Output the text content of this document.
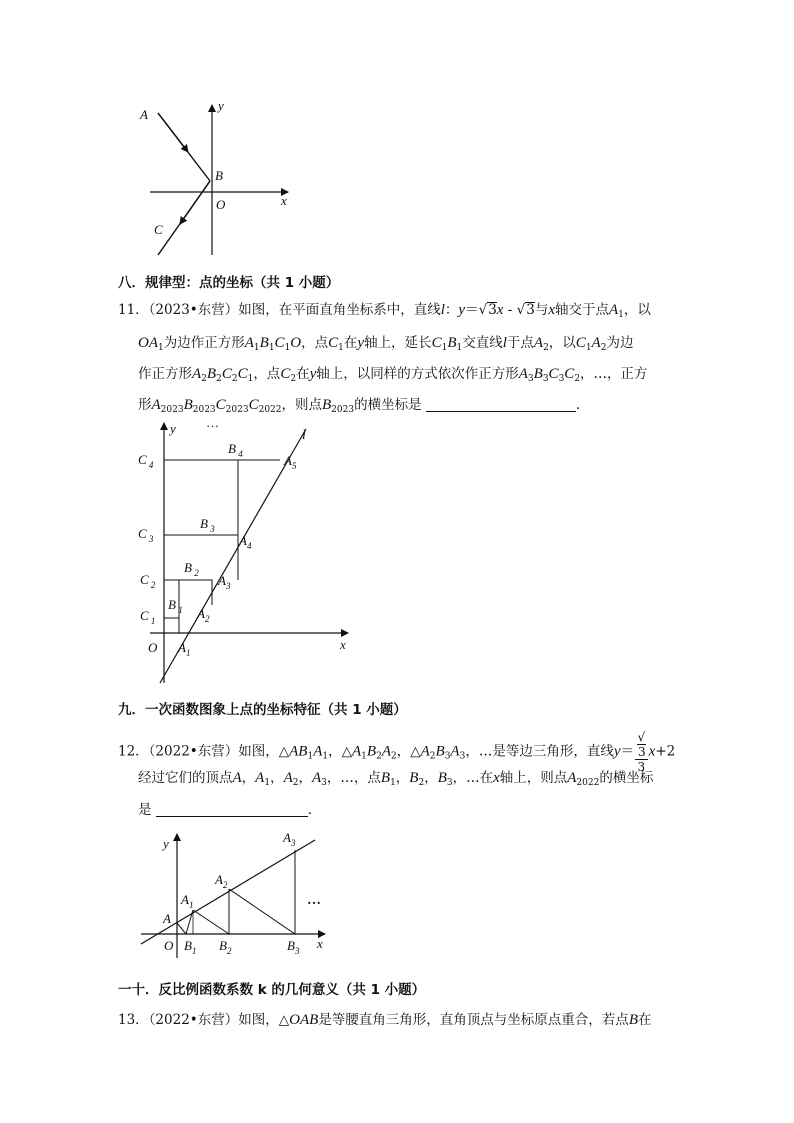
A
B
C
O	x
y
八．规律型：点的坐标（共 1 小题）
11．（2023•东营）如图，在平面直角坐标系中，直线l：y＝√3x - √3与x轴交于点$A_1$，以
$OA_1$为边作正方形$A_1B_1C_1O$，点$C_1$在y轴上，延长$C_1B_1$交直线l于点$A_2$，以$C_1A_2$为边
作正方形$A_2B_2C_2C_1$，点$C_2$在y轴上，以同样的方式依次作正方形$A_3B_3C_3C_2$，…，正方
形$A_{2023}B_{2023}C_{2023}C_{2022}$，则点$B_{2023}$的横坐标是	．
l
y
x
O
…
C $_4$
C $_3$
C $_2$
C $_1$
B $_4$
B $_3$
B $_2$
B $_1$
$A_5$
$A_4$
$A_3$
$A_2$
$A_1$
九．一次函数图象上点的坐标特征（共 1 小题）
12．（2022•东营）如图，$\triangle AB_1A_1$，$\triangle A_1B_2A_2$，$\triangle A_2B_3A_3$，…是等边三角形，直线y＝ √
3
3 x+2
经过它们的顶点A，$A_1$，$A_2$，$A_3$，…，点$B_1$，$B_2$，$B_3$，…在x轴上，则点$A_{2022}$的横坐标
是	．
y
x
O
…
A
$A_1$
$A_2$
$A_3$
$B_1$ $B_2$	$B_3$
一十．反比例函数系数 k 的几何意义（共 1 小题）
13．（2022•东营）如图，△OAB是等腰直角三角形，直角顶点与坐标原点重合，若点B在
